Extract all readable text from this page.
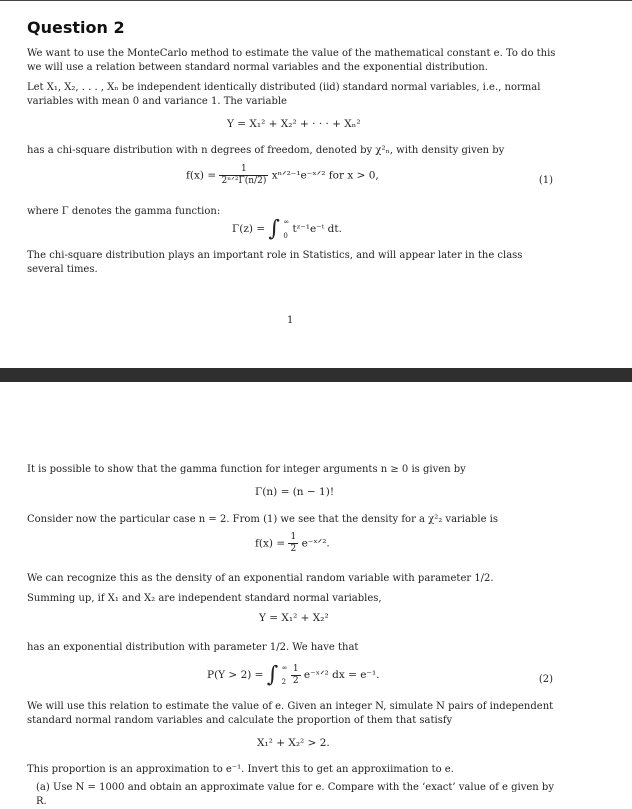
Question 2

We want to use the MonteCarlo method to estimate the value of the mathematical constant e. To do this we will use a relation between standard normal variables and the exponential distribution.

Let X₁, X₂, . . . , Xₙ be independent identically distributed (iid) standard normal variables, i.e., normal variables with mean 0 and variance 1. The variable

Y = X₁² + X₂² + · · · + Xₙ²

has a chi-square distribution with n degrees of freedom, denoted by χ²ₙ, with density given by

$f(x) = \frac{1}{\text{2ⁿᐟ²Γ(n/2)}}$ xⁿᐟ²⁻¹e⁻ˣᐟ² for x > 0,	(1)

where Γ denotes the gamma function:

Γ(z) = ∫ ∞
0
tᶻ⁻¹e⁻ᵗ dt.

The chi-square distribution plays an important role in Statistics, and will appear later in the class several times.

1

It is possible to show that the gamma function for integer arguments n ≥ 0 is given by

Γ(n) = (n − 1)!

Consider now the particular case n = 2. From (1) we see that the density for a χ²₂ variable is

$f(x) = \frac{1}{2}$ e⁻ˣᐟ².

We can recognize this as the density of an exponential random variable with parameter 1/2.

Summing up, if X₁ and X₂ are independent standard normal variables,

Y = X₁² + X₂²

has an exponential distribution with parameter 1/2. We have that

P(Y > 2) = ∫ ∞
2
$\frac{1}{2}$ e⁻ˣᐟ² dx = e⁻¹.	(2)

We will use this relation to estimate the value of e. Given an integer N, simulate N pairs of independent standard normal random variables and calculate the proportion of them that satisfy

X₁² + X₂² > 2.

This proportion is an approximation to e⁻¹. Invert this to get an approxiimation to e.

(a) Use N = 1000 and obtain an approximate value for e. Compare with the ‘exact’ value of e given by R.
